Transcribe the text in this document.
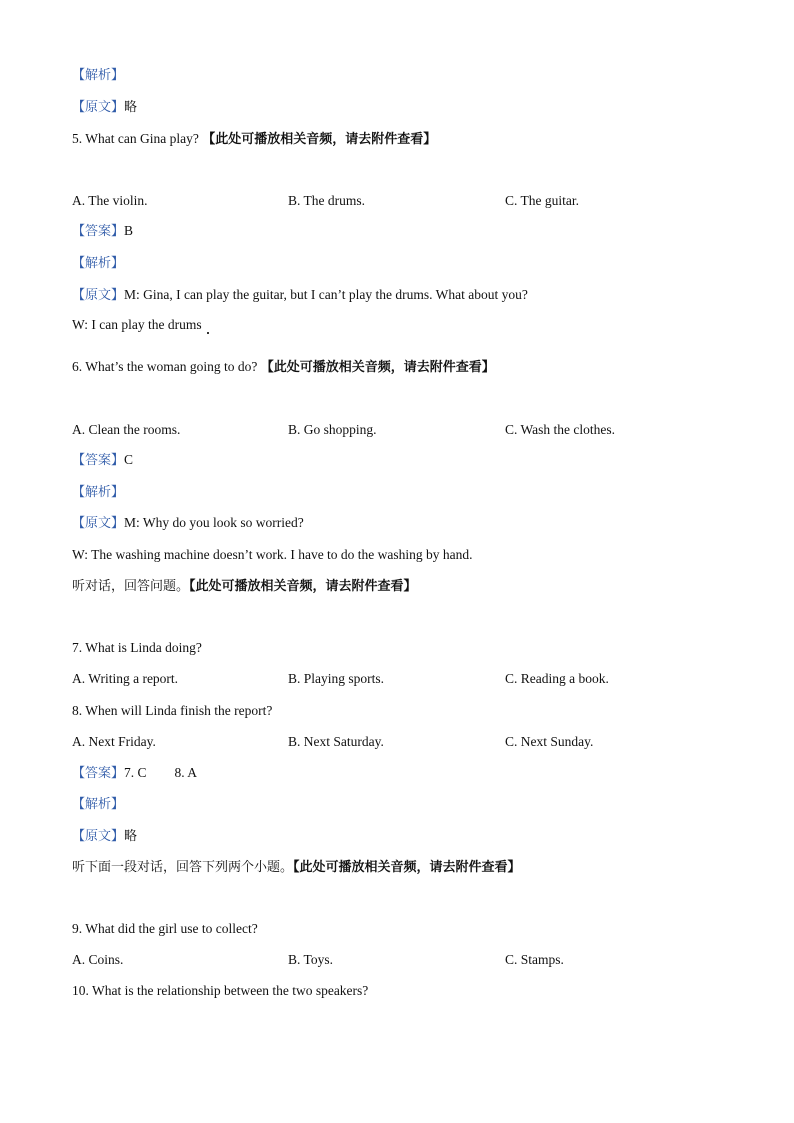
【解析】
【原文】略
5. What can Gina play? 【此处可播放相关音频，请去附件查看】
A. The violin.	B. The drums.	C. The guitar.
【答案】B
【解析】
【原文】M: Gina, I can play the guitar, but I can’t play the drums. What about you?
W: I can play the drums
6. What’s the woman going to do? 【此处可播放相关音频，请去附件查看】
A. Clean the rooms.	B. Go shopping.	C. Wash the clothes.
【答案】C
【解析】
【原文】M: Why do you look so worried?
W: The washing machine doesn’t work. I have to do the washing by hand.
听对话，回答问题。【此处可播放相关音频，请去附件查看】
7. What is Linda doing?
A. Writing a report.	B. Playing sports.	C. Reading a book.
8. When will Linda finish the report?
A. Next Friday.	B. Next Saturday.	C. Next Sunday.
【答案】7. C 8. A
【解析】
【原文】略
听下面一段对话，回答下列两个小题。【此处可播放相关音频，请去附件查看】
9. What did the girl use to collect?
A. Coins.	B. Toys.	C. Stamps.
10. What is the relationship between the two speakers?
